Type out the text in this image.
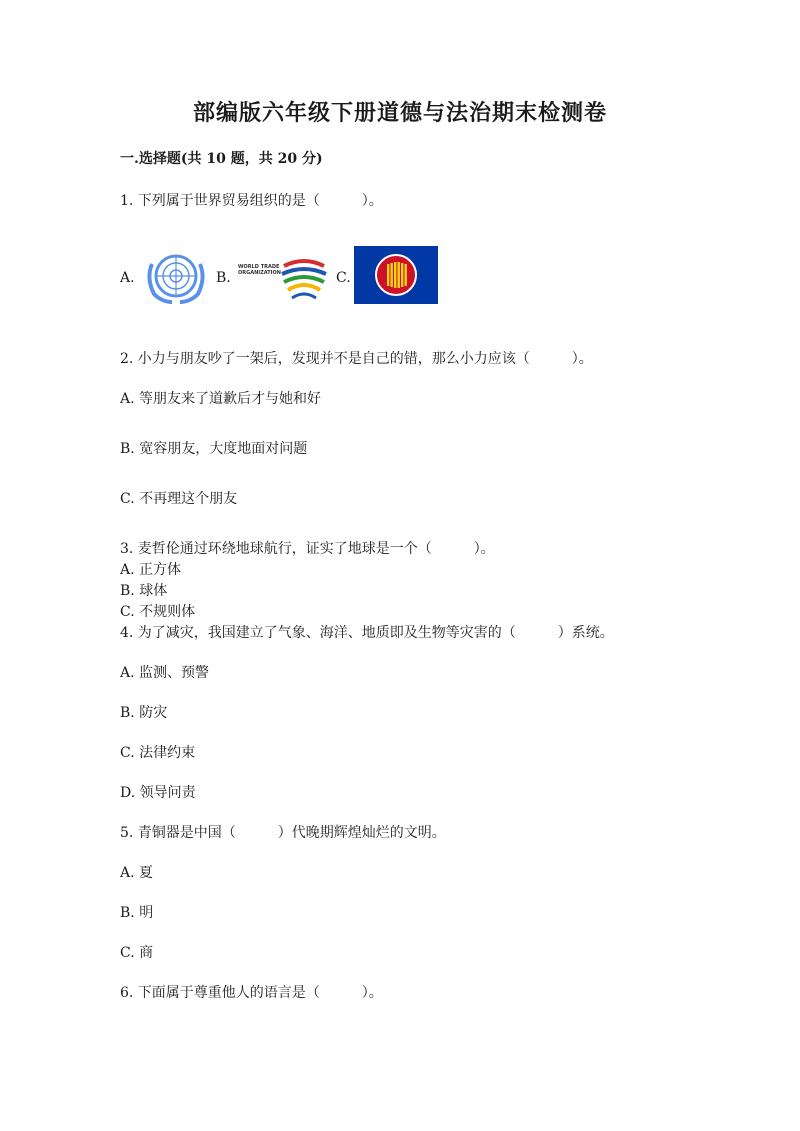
部编版六年级下册道德与法治期末检测卷
一.选择题(共 10 题，共 20 分)
1. 下列属于世界贸易组织的是（　　　）。
A.	B.
WORLD TRADE
ORGANIZATION	C.
2. 小力与朋友吵了一架后，发现并不是自己的错，那么小力应该（　　　）。
A. 等朋友来了道歉后才与她和好
B. 宽容朋友，大度地面对问题
C. 不再理这个朋友
3. 麦哲伦通过环绕地球航行，证实了地球是一个（　　　）。
A. 正方体
B. 球体
C. 不规则体
4. 为了减灾，我国建立了气象、海洋、地质即及生物等灾害的（　　　）系统。
A. 监测、预警
B. 防灾
C. 法律约束
D. 领导问责
5. 青铜器是中国（　　　）代晚期辉煌灿烂的文明。
A. 夏
B. 明
C. 商
6. 下面属于尊重他人的语言是（　　　）。
